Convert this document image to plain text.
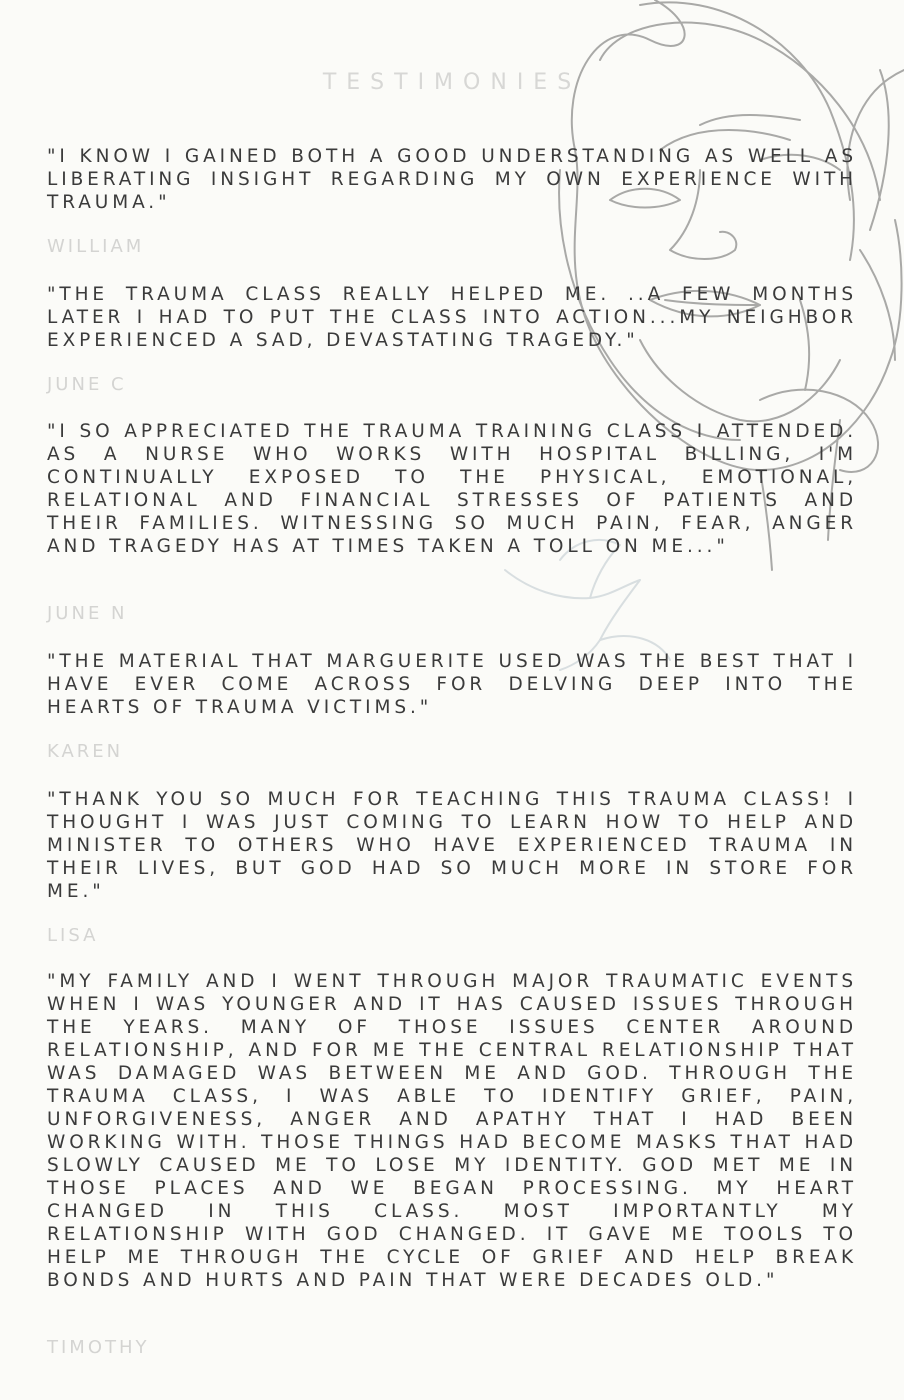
TESTIMONIES

"I KNOW I GAINED BOTH A GOOD UNDERSTANDING AS WELL AS LIBERATING INSIGHT REGARDING MY OWN EXPERIENCE WITH TRAUMA."

WILLIAM

"THE TRAUMA CLASS REALLY HELPED ME. ..A FEW MONTHS LATER I HAD TO PUT THE CLASS INTO ACTION...MY NEIGHBOR EXPERIENCED A SAD, DEVASTATING TRAGEDY."

JUNE C

"I SO APPRECIATED THE TRAUMA TRAINING CLASS I ATTENDED. AS A NURSE WHO WORKS WITH HOSPITAL BILLING, I'M CONTINUALLY EXPOSED TO THE PHYSICAL, EMOTIONAL, RELATIONAL AND FINANCIAL STRESSES OF PATIENTS AND THEIR FAMILIES. WITNESSING SO MUCH PAIN, FEAR, ANGER AND TRAGEDY HAS AT TIMES TAKEN A TOLL ON ME..."

JUNE N

"THE MATERIAL THAT MARGUERITE USED WAS THE BEST THAT I HAVE EVER COME ACROSS FOR DELVING DEEP INTO THE HEARTS OF TRAUMA VICTIMS."

KAREN

"THANK YOU SO MUCH FOR TEACHING THIS TRAUMA CLASS! I THOUGHT I WAS JUST COMING TO LEARN HOW TO HELP AND MINISTER TO OTHERS WHO HAVE EXPERIENCED TRAUMA IN THEIR LIVES, BUT GOD HAD SO MUCH MORE IN STORE FOR ME."

LISA

"MY FAMILY AND I WENT THROUGH MAJOR TRAUMATIC EVENTS WHEN I WAS YOUNGER AND IT HAS CAUSED ISSUES THROUGH THE YEARS. MANY OF THOSE ISSUES CENTER AROUND RELATIONSHIP, AND FOR ME THE CENTRAL RELATIONSHIP THAT WAS DAMAGED WAS BETWEEN ME AND GOD. THROUGH THE TRAUMA CLASS, I WAS ABLE TO IDENTIFY GRIEF, PAIN, UNFORGIVENESS, ANGER AND APATHY THAT I HAD BEEN WORKING WITH. THOSE THINGS HAD BECOME MASKS THAT HAD SLOWLY CAUSED ME TO LOSE MY IDENTITY. GOD MET ME IN THOSE PLACES AND WE BEGAN PROCESSING. MY HEART CHANGED IN THIS CLASS. MOST IMPORTANTLY MY RELATIONSHIP WITH GOD CHANGED. IT GAVE ME TOOLS TO HELP ME THROUGH THE CYCLE OF GRIEF AND HELP BREAK BONDS AND HURTS AND PAIN THAT WERE DECADES OLD."

TIMOTHY
